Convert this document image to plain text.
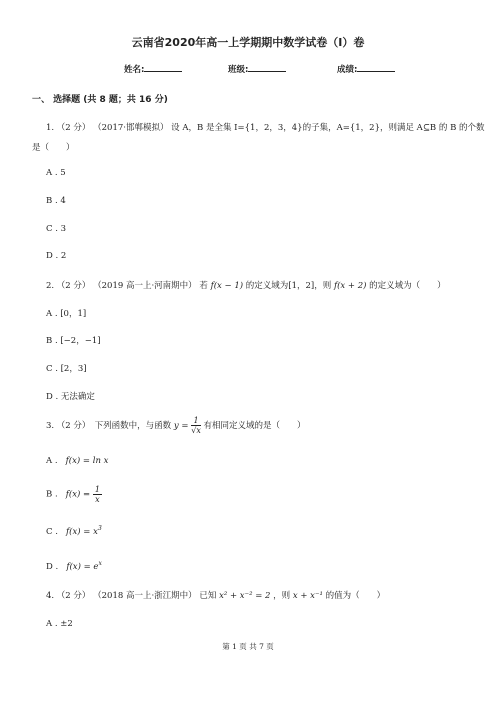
云南省2020年高一上学期期中数学试卷（I）卷
姓名:	班级:	成绩:
一、 选择题 (共 8 题；共 16 分)
1. （2 分） （2017·邯郸模拟） 设 A，B 是全集 I={1，2，3，4}的子集，A={1，2}，则满足 A⊆B 的 B 的个数
是（　　）
A . 5
B . 4
C . 3
D . 2
2. （2 分） （2019 高一上·河南期中） 若 f(x − 1) 的定义域为[1，2]，则 f(x + 2) 的定义域为（　　）
A . [0，1]
B . [−2，−1]
C . [2，3]
D . 无法确定
3. （2 分）　下列函数中，与函数 $y = \frac{1}{√x}$ 有相同定义域的是（　　）
A . f(x) = ln x
B . $f(x) = \frac{1}{x}$
C . $f(x) = x^3$
D . $f(x) = e^x$
4. （2 分） （2018 高一上·浙江期中） 已知 x² + x⁻² = 2 ，则 x + x⁻¹ 的值为（　　）
A . ±2
第 1 页 共 7 页
